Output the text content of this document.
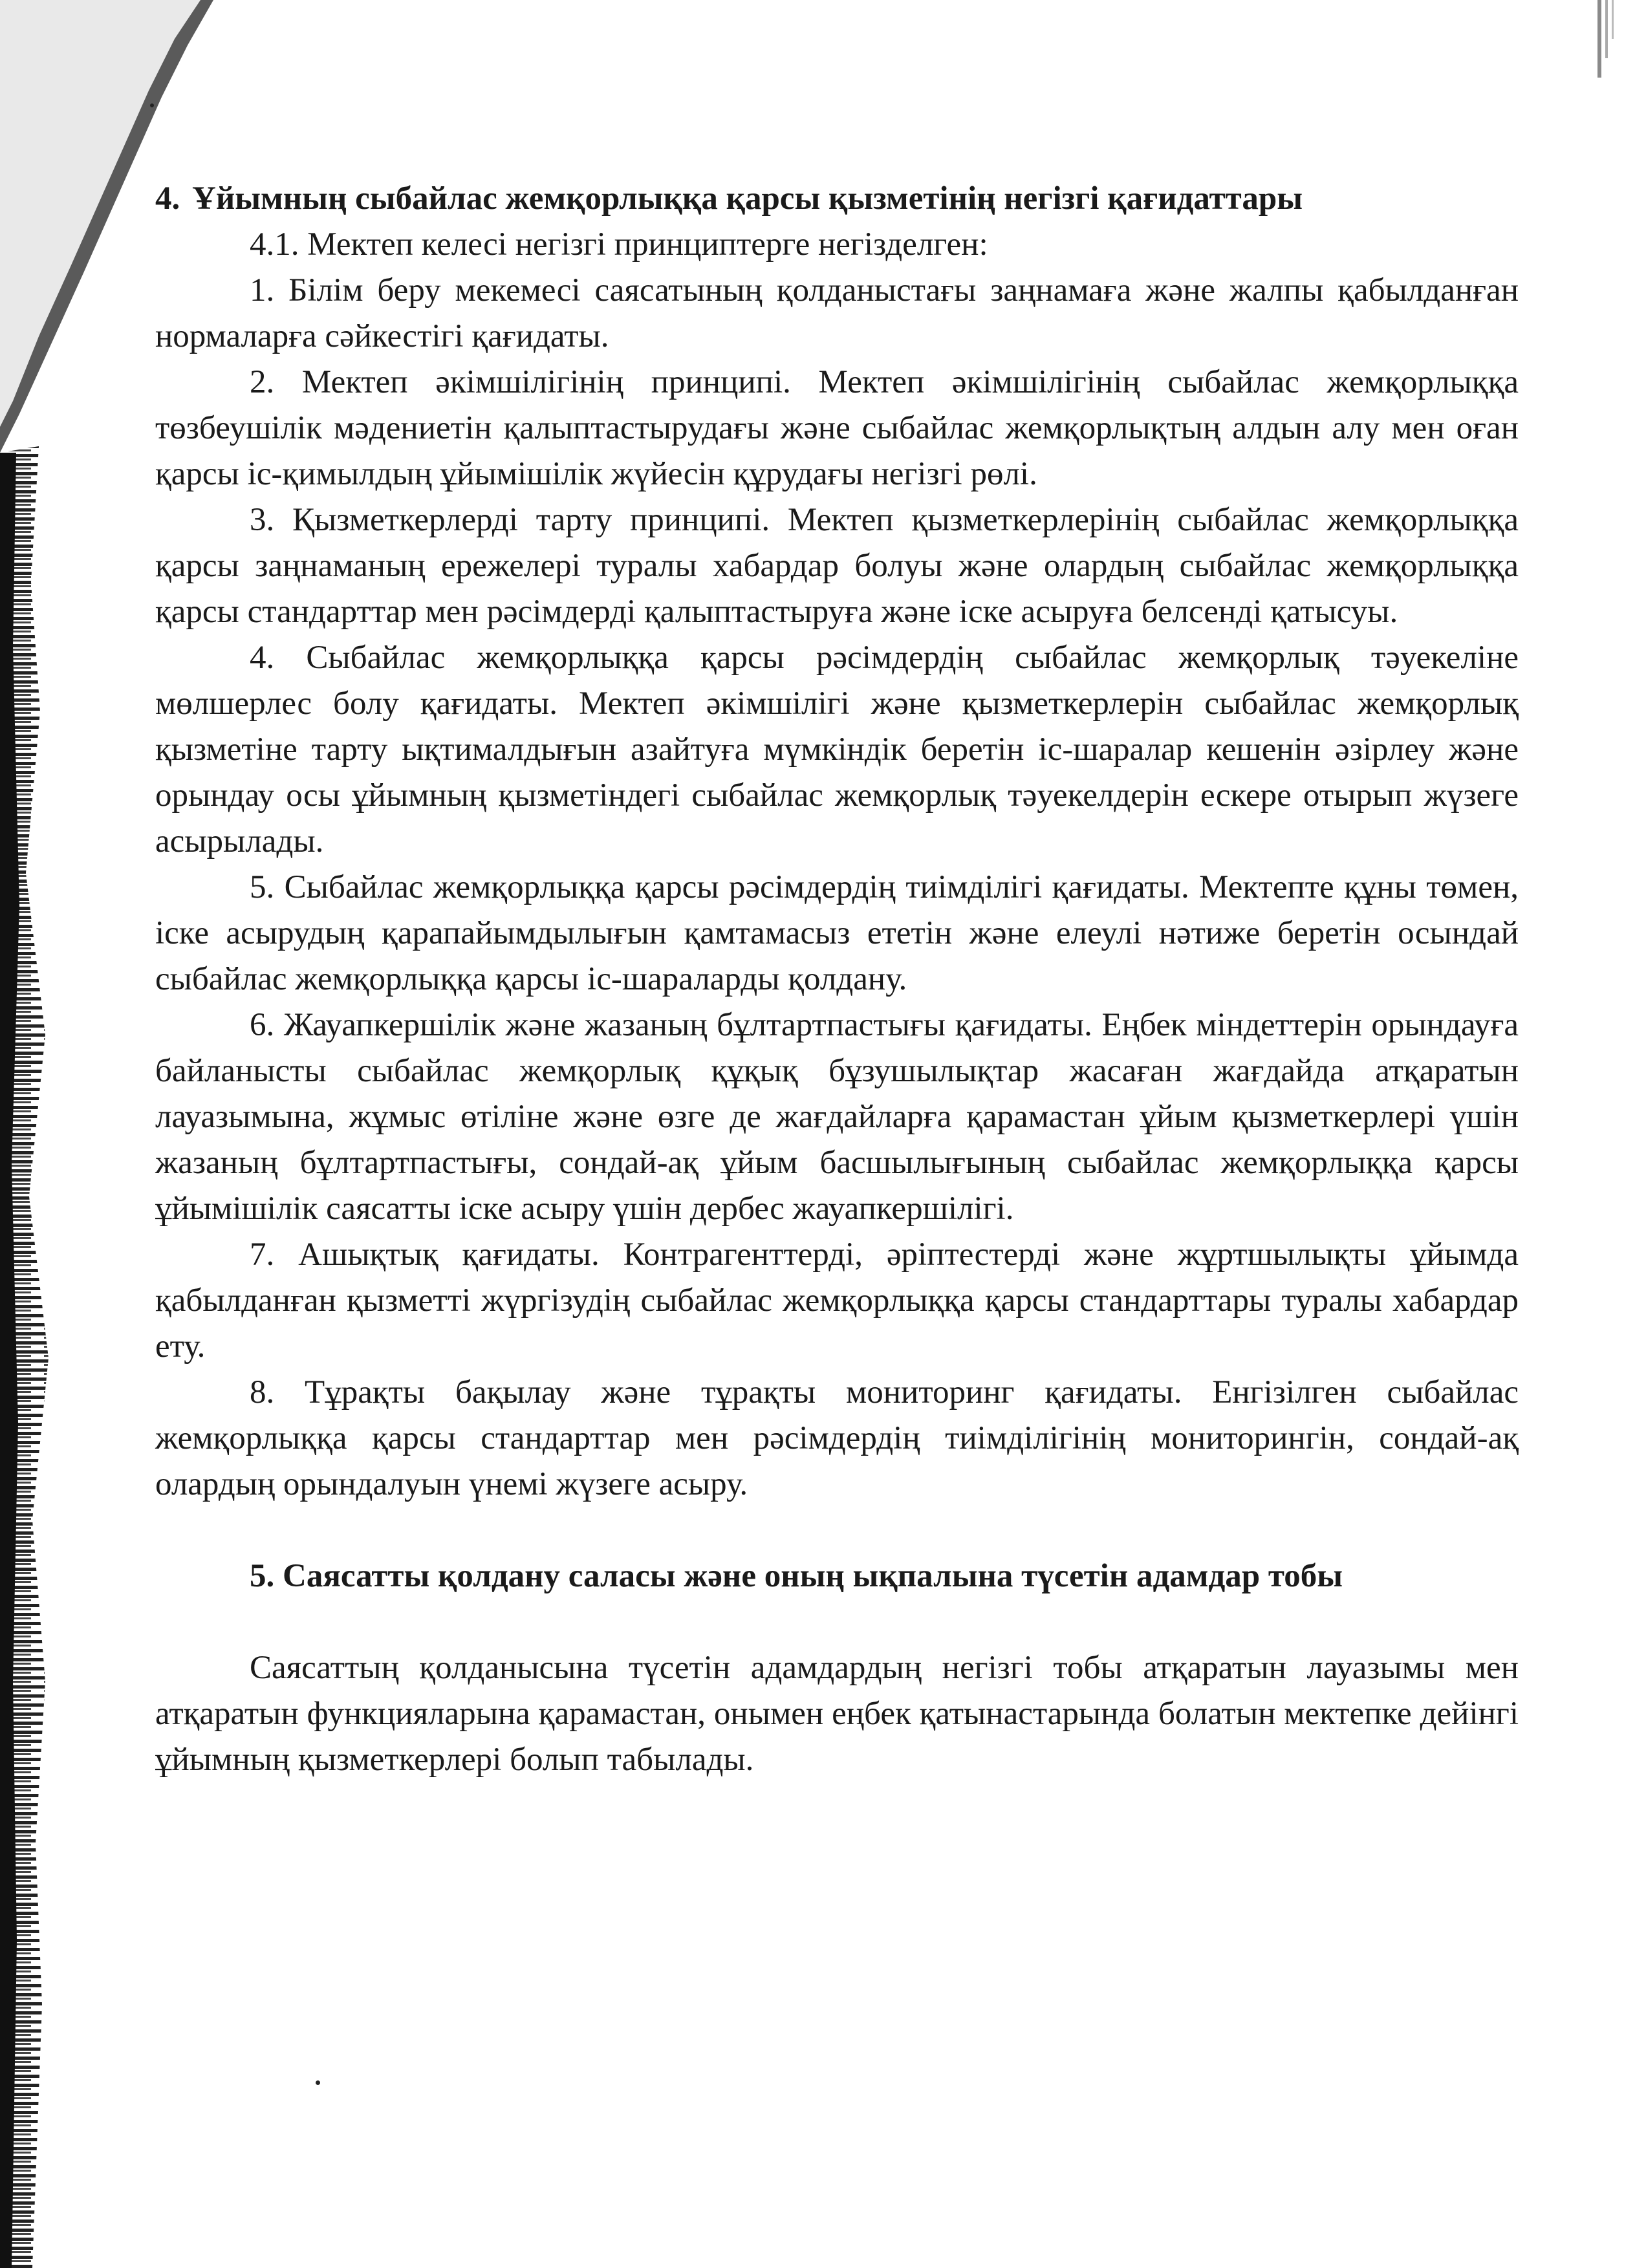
4. Ұйымның сыбайлас жемқорлыққа қарсы қызметінің негізгі қағидаттары

4.1. Мектеп келесі негізгі принциптерге негізделген:

1. Білім беру мекемесі саясатының қолданыстағы заңнамаға және жалпы қабылданған нормаларға сәйкестігі қағидаты.

2. Мектеп әкімшілігінің принципі. Мектеп әкімшілігінің сыбайлас жемқорлыққа төзбеушілік мәдениетін қалыптастырудағы және сыбайлас жемқорлықтың алдын алу мен оған қарсы іс-қимылдың ұйымішілік жүйесін құрудағы негізгі рөлі.

3. Қызметкерлерді тарту принципі. Мектеп қызметкерлерінің сыбайлас жемқорлыққа қарсы заңнаманың ережелері туралы хабардар болуы және олардың сыбайлас жемқорлыққа қарсы стандарттар мен рәсімдерді қалыптастыруға және іске асыруға белсенді қатысуы.

4. Сыбайлас жемқорлыққа қарсы рәсімдердің сыбайлас жемқорлық тәуекеліне мөлшерлес болу қағидаты. Мектеп әкімшілігі және қызметкерлерін сыбайлас жемқорлық қызметіне тарту ықтималдығын азайтуға мүмкіндік беретін іс-шаралар кешенін әзірлеу және орындау осы ұйымның қызметіндегі сыбайлас жемқорлық тәуекелдерін ескере отырып жүзеге асырылады.

5. Сыбайлас жемқорлыққа қарсы рәсімдердің тиімділігі қағидаты. Мектепте құны төмен, іске асырудың қарапайымдылығын қамтамасыз ететін және елеулі нәтиже беретін осындай сыбайлас жемқорлыққа қарсы іс-шараларды қолдану.

6. Жауапкершілік және жазаның бұлтартпастығы қағидаты. Еңбек міндеттерін орындауға байланысты сыбайлас жемқорлық құқық бұзушылықтар жасаған жағдайда атқаратын лауазымына, жұмыс өтіліне және өзге де жағдайларға қарамастан ұйым қызметкерлері үшін жазаның бұлтартпастығы, сондай-ақ ұйым басшылығының сыбайлас жемқорлыққа қарсы ұйымішілік саясатты іске асыру үшін дербес жауапкершілігі.

7. Ашықтық қағидаты. Контрагенттерді, әріптестерді және жұртшылықты ұйымда қабылданған қызметті жүргізудің сыбайлас жемқорлыққа қарсы стандарттары туралы хабардар ету.

8. Тұрақты бақылау және тұрақты мониторинг қағидаты. Енгізілген сыбайлас жемқорлыққа қарсы стандарттар мен рәсімдердің тиімділігінің мониторингін, сондай-ақ олардың орындалуын үнемі жүзеге асыру.

5. Саясатты қолдану саласы және оның ықпалына түсетін адамдар тобы

Саясаттың қолданысына түсетін адамдардың негізгі тобы атқаратын лауазымы мен атқаратын функцияларына қарамастан, онымен еңбек қатынастарында болатын мектепке дейінгі ұйымның қызметкерлері болып табылады.
